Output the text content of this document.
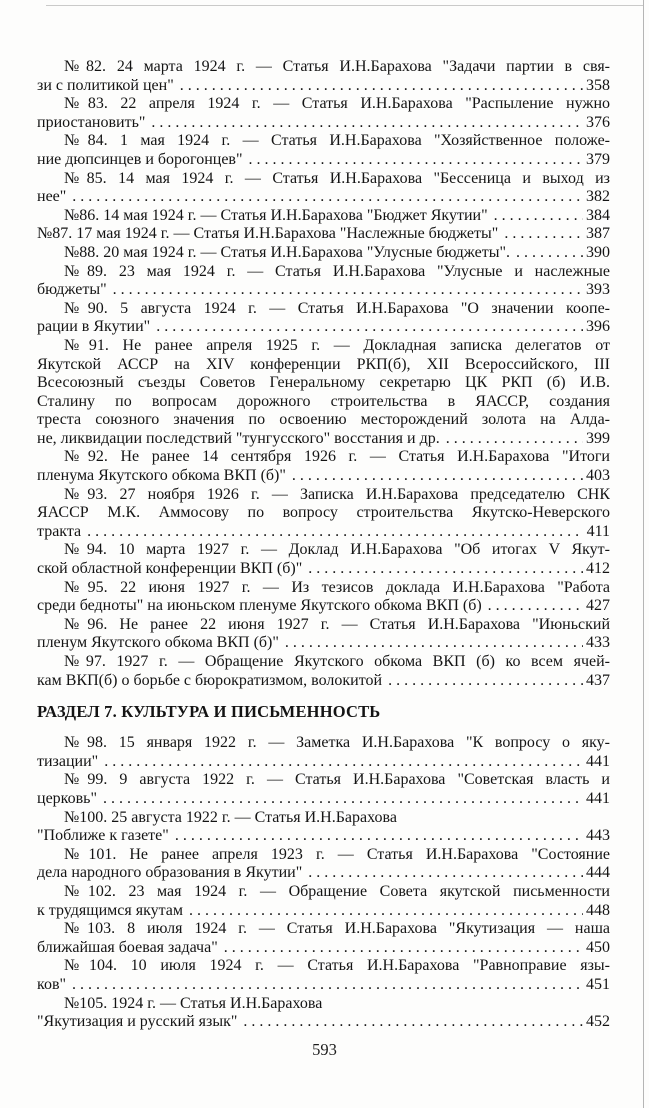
№82. 24 марта 1924 г. — Статья И.Н.Барахова "Задачи партии в свя-
зи с политикой цен" . . .	358
№83. 22 апреля 1924 г. — Статья И.Н.Барахова "Распыление нужно
приостановить" . . .	376
№84. 1 мая 1924 г. — Статья И.Н.Барахова "Хозяйственное положе-
ние дюпсинцев и борогонцев" . . .	379
№85. 14 мая 1924 г. — Статья И.Н.Барахова "Бессеница и выход из
нее" . . .	382
№86. 14 мая 1924 г. — Статья И.Н.Барахова "Бюджет Якутии" . . .	384
№87. 17 мая 1924 г. — Статья И.Н.Барахова "Наслежные бюджеты" . . .	387
№88. 20 мая 1924 г. — Статья И.Н.Барахова "Улусные бюджеты". . . .	390
№89. 23 мая 1924 г. — Статья И.Н.Барахова "Улусные и наслежные
бюджеты" . . .	393
№90. 5 августа 1924 г. — Статья И.Н.Барахова "О значении коопе-
рации в Якутии" . . .	396
№91. Не ранее апреля 1925 г. — Докладная записка делегатов от
Якутской АССР на XIV конференции РКП(б), XII Всероссийского, III
Всесоюзный съезды Советов Генеральному секретарю ЦК РКП (б) И.В.
Сталину по вопросам дорожного строительства в ЯАССР, создания
треста союзного значения по освоению месторождений золота на Алда-
не, ликвидации последствий "тунгусского" восстания и др. . . .	399
№92. Не ранее 14 сентября 1926 г. — Статья И.Н.Барахова "Итоги
пленума Якутского обкома ВКП (б)" . . .	403
№93. 27 ноября 1926 г. — Записка И.Н.Барахова председателю СНК
ЯАССР М.К. Аммосову по вопросу строительства Якутско-Неверского
тракта . . .	411
№94. 10 марта 1927 г. — Доклад И.Н.Барахова "Об итогах V Якут-
ской областной конференции ВКП (б)" . . .	412
№95. 22 июня 1927 г. — Из тезисов доклада И.Н.Барахова "Работа
среди бедноты" на июньском пленуме Якутского обкома ВКП (б) . . .	427
№96. Не ранее 22 июня 1927 г. — Статья И.Н.Барахова "Июньский
пленум Якутского обкома ВКП (б)" . . .	433
№97. 1927 г. — Обращение Якутского обкома ВКП (б) ко всем ячей-
кам ВКП(б) о борьбе с бюрократизмом, волокитой . . .	437
РАЗДЕЛ 7. КУЛЬТУРА И ПИСЬМЕННОСТЬ
№98. 15 января 1922 г. — Заметка И.Н.Барахова "К вопросу о яку-
тизации" . . .	441
№99. 9 августа 1922 г. — Статья И.Н.Барахова "Советская власть и
церковь" . . .	441
№100. 25 августа 1922 г. — Статья И.Н.Барахова
"Поближе к газете" . . .	443
№101. Не ранее апреля 1923 г. — Статья И.Н.Барахова "Состояние
дела народного образования в Якутии" . . .	444
№102. 23 мая 1924 г. — Обращение Совета якутской письменности
к трудящимся якутам . . .	448
№103. 8 июля 1924 г. — Статья И.Н.Барахова "Якутизация — наша
ближайшая боевая задача" . . .	450
№104. 10 июля 1924 г. — Статья И.Н.Барахова "Равноправие язы-
ков" . . .	451
№105. 1924 г. — Статья И.Н.Барахова
"Якутизация и русский язык" . . .	452
593
